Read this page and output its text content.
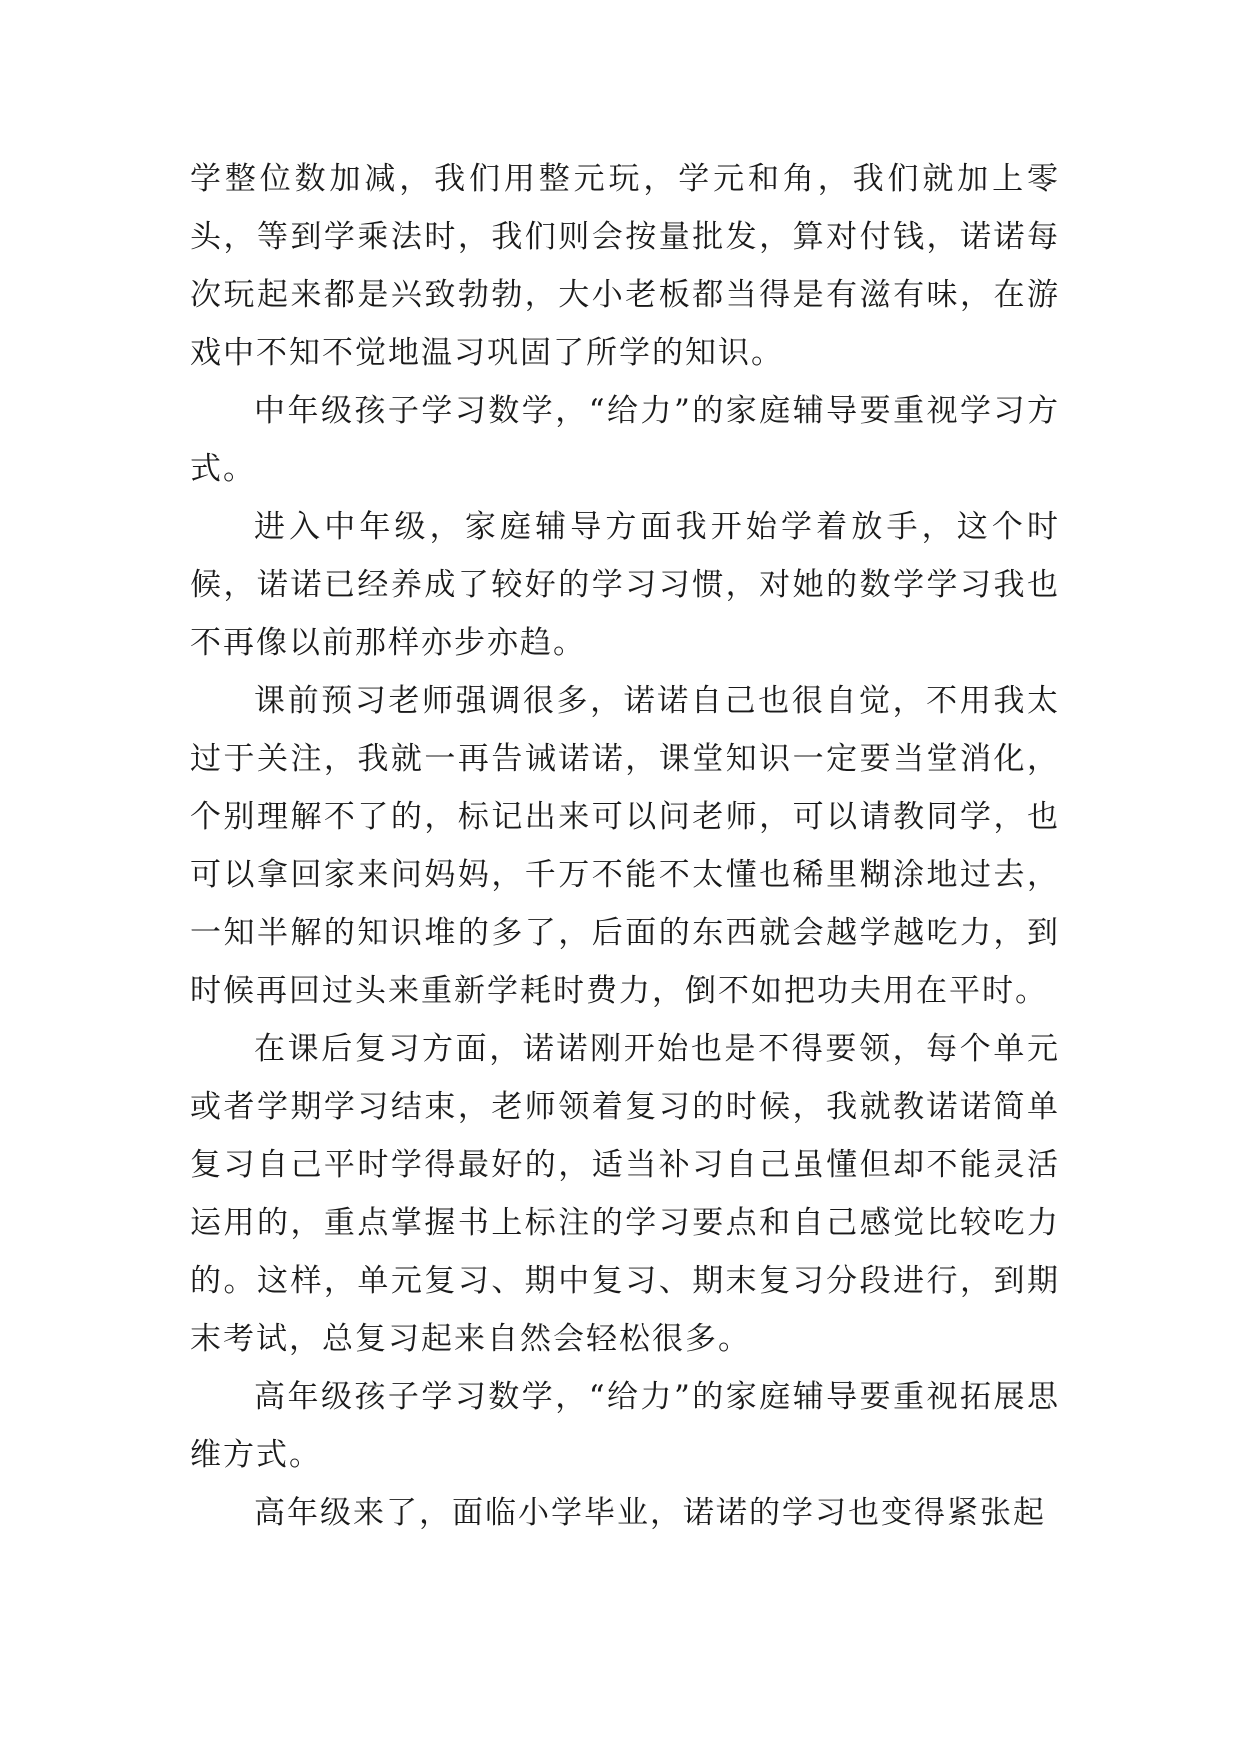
学整位数加减，我们用整元玩，学元和角，我们就加上零头，等到学乘法时，我们则会按量批发，算对付钱，诺诺每次玩起来都是兴致勃勃，大小老板都当得是有滋有味，在游戏中不知不觉地温习巩固了所学的知识。

中年级孩子学习数学，“给力”的家庭辅导要重视学习方式。

进入中年级，家庭辅导方面我开始学着放手，这个时候，诺诺已经养成了较好的学习习惯，对她的数学学习我也不再像以前那样亦步亦趋。

课前预习老师强调很多，诺诺自己也很自觉，不用我太过于关注，我就一再告诫诺诺，课堂知识一定要当堂消化，个别理解不了的，标记出来可以问老师，可以请教同学，也可以拿回家来问妈妈，千万不能不太懂也稀里糊涂地过去，一知半解的知识堆的多了，后面的东西就会越学越吃力，到时候再回过头来重新学耗时费力，倒不如把功夫用在平时。

在课后复习方面，诺诺刚开始也是不得要领，每个单元或者学期学习结束，老师领着复习的时候，我就教诺诺简单复习自己平时学得最好的，适当补习自己虽懂但却不能灵活运用的，重点掌握书上标注的学习要点和自己感觉比较吃力的。这样，单元复习、期中复习、期末复习分段进行，到期末考试，总复习起来自然会轻松很多。

高年级孩子学习数学，“给力”的家庭辅导要重视拓展思维方式。

高年级来了，面临小学毕业，诺诺的学习也变得紧张起
